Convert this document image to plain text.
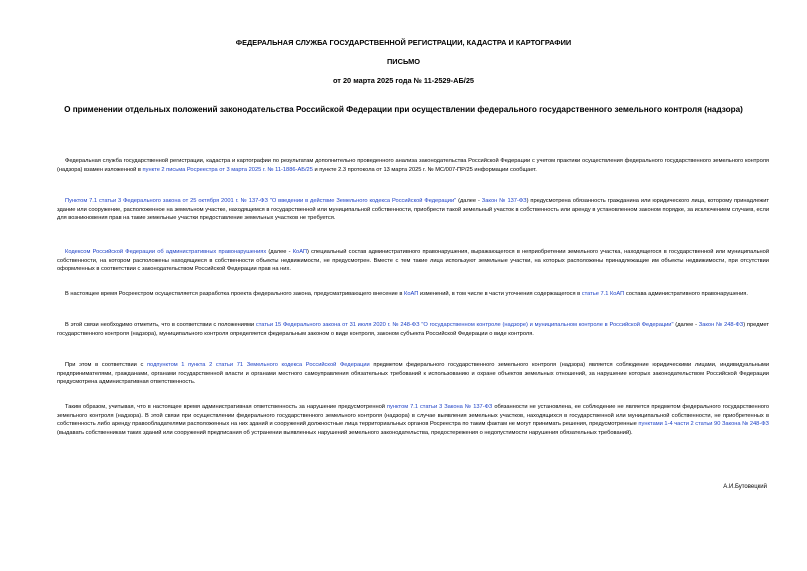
ФЕДЕРАЛЬНАЯ СЛУЖБА ГОСУДАРСТВЕННОЙ РЕГИСТРАЦИИ, КАДАСТРА И КАРТОГРАФИИ
ПИСЬМО
от 20 марта 2025 года № 11-2529-АБ/25
О применении отдельных положений законодательства Российской Федерации при осуществлении федерального государственного земельного контроля (надзора)
Федеральная служба государственной регистрации, кадастра и картографии по результатам дополнительно проведенного анализа законодательства Российской Федерации с учетом практики осуществления федерального государственного земельного контроля (надзора) взамен изложенной в пункте 2 письма Росреестра от 3 марта 2025 г. № 11-1886-АБ/25 и пункте 2.3 протокола от 13 марта 2025 г. № МС/007-ПР/25 информации сообщает.
Пунктом 7.1 статьи 3 Федерального закона от 25 октября 2001 г. № 137-ФЗ "О введении в действие Земельного кодекса Российской Федерации" (далее - Закон № 137-ФЗ) предусмотрена обязанность гражданина или юридического лица, которому принадлежит здание или сооружение, расположенное на земельном участке, находящемся в государственной или муниципальной собственности, приобрести такой земельный участок в собственность или аренду в установленном законом порядке, за исключением случаев, если для возникновения прав на такие земельные участки предоставление земельных участков не требуется.
Кодексом Российской Федерации об административных правонарушениях (далее - КоАП) специальный состав административного правонарушения, выражающегося в неприобретении земельного участка, находящегося в государственной или муниципальной собственности, на котором расположены находящиеся в собственности объекты недвижимости, не предусмотрен. Вместе с тем такие лица используют земельные участки, на которых расположены принадлежащие им объекты недвижимости, при отсутствии оформленных в соответствии с законодательством Российской Федерации прав на них.
В настоящее время Росреестром осуществляется разработка проекта федерального закона, предусматривающего внесение в КоАП изменений, в том числе в части уточнения содержащегося в статье 7.1 КоАП состава административного правонарушения.
В этой связи необходимо отметить, что в соответствии с положениями статьи 15 Федерального закона от 31 июля 2020 г. № 248-ФЗ "О государственном контроле (надзоре) и муниципальном контроле в Российской Федерации" (далее - Закон № 248-ФЗ) предмет государственного контроля (надзора), муниципального контроля определяется федеральным законом о виде контроля, законом субъекта Российской Федерации о виде контроля.
При этом в соответствии с подпунктом 1 пункта 2 статьи 71 Земельного кодекса Российской Федерации предметом федерального государственного земельного контроля (надзора) является соблюдение юридическими лицами, индивидуальными предпринимателями, гражданами, органами государственной власти и органами местного самоуправления обязательных требований к использованию и охране объектов земельных отношений, за нарушение которых законодательством Российской Федерации предусмотрена административная ответственность.
Таким образом, учитывая, что в настоящее время административная ответственность за нарушение предусмотренной пунктом 7.1 статьи 3 Закона № 137-ФЗ обязанности не установлена, ее соблюдение не является предметом федерального государственного земельного контроля (надзора). В этой связи при осуществлении федерального государственного земельного контроля (надзора) в случае выявления земельных участков, находящихся в государственной или муниципальной собственности, не приобретенных в собственность либо аренду правообладателями расположенных на них зданий и сооружений должностные лица территориальных органов Росреестра по таким фактам не могут принимать решения, предусмотренные пунктами 1-4 части 2 статьи 90 Закона № 248-ФЗ (выдавать собственникам таких зданий или сооружений предписания об устранении выявленных нарушений земельного законодательства, предостережения о недопустимости нарушения обязательных требований).
А.И.Бутовецкий
